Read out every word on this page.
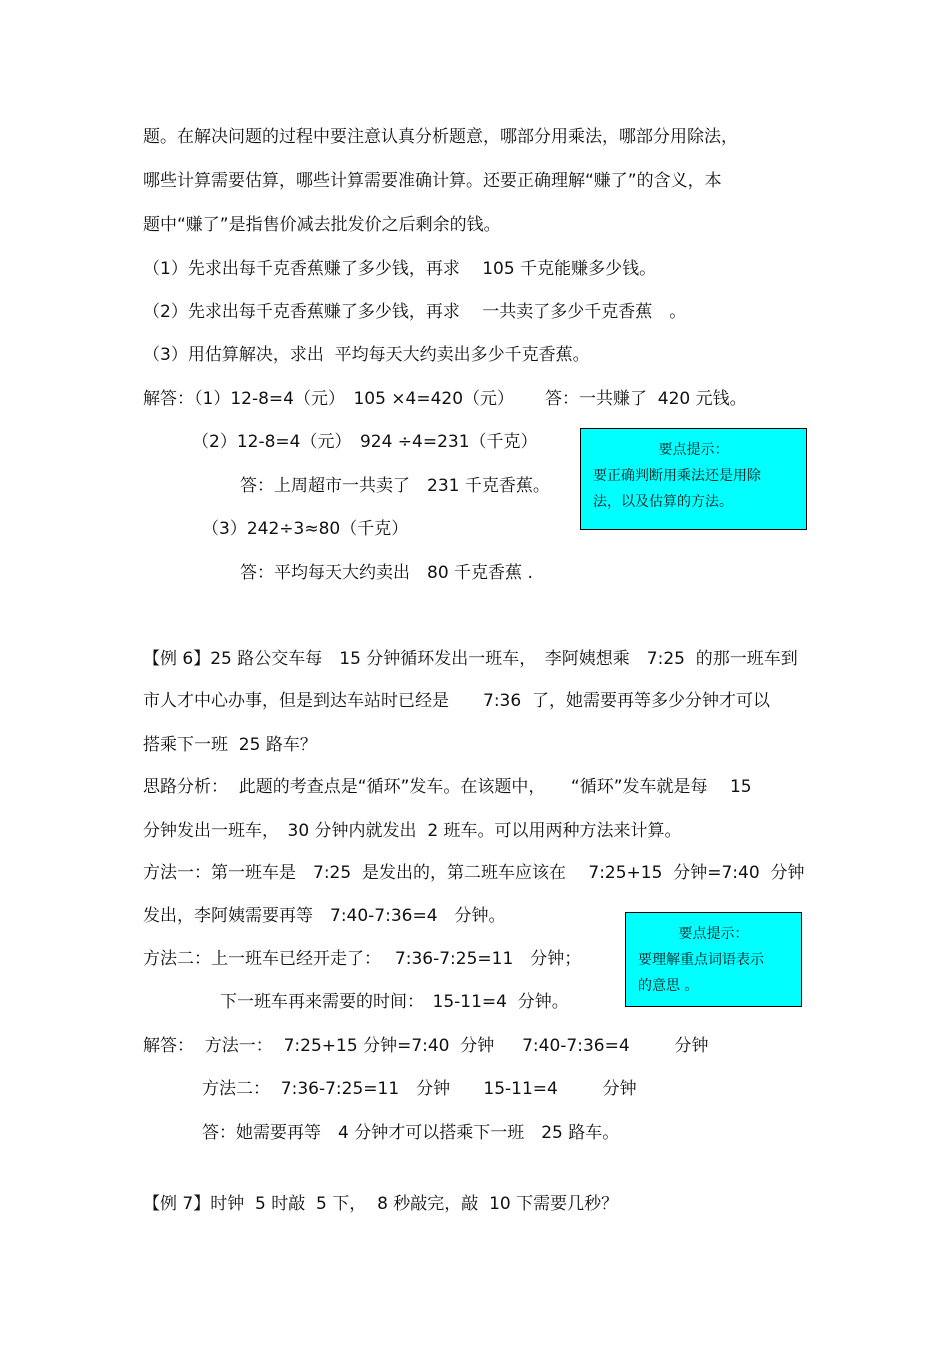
题。在解决问题的过程中要注意认真分析题意，哪部分用乘法，哪部分用除法，
哪些计算需要估算，哪些计算需要准确计算。还要正确理解“赚了”的含义，本
题中“赚了”是指售价减去批发价之后剩余的钱。
（1）先求出每千克香蕉赚了多少钱，再求　 105 千克能赚多少钱。
（2）先求出每千克香蕉赚了多少钱，再求　 一共卖了多少千克香蕉　。
（3）用估算解决，求出  平均每天大约卖出多少千克香蕉。
解答：（1）12-8=4（元）　105 ×4=420（元）　　 答：一共赚了  420 元钱。
（2）12-8=4（元）　924 ÷4=231（千克）
答：上周超市一共卖了　231 千克香蕉。
（3）242÷3≈80（千克）
答：平均每天大约卖出　80 千克香蕉 .
要点提示：
要正确判断用乘法还是用除
法，以及估算的方法。
【例 6】25 路公交车每　15 分钟循环发出一班车，　李阿姨想乘　7:25  的那一班车到
市人才中心办事，但是到达车站时已经是　　7:36  了，她需要再等多少分钟才可以
搭乘下一班  25 路车？
思路分析：  此题的考查点是“循环”发车。在该题中，　　“循环”发车就是每　 15
分钟发出一班车，　30 分钟内就发出  2 班车。可以用两种方法来计算。
方法一：第一班车是　7:25  是发出的，第二班车应该在　 7:25+15  分钟=7:40  分钟
发出，李阿姨需要再等　7:40-7:36=4　分钟。
方法二：上一班车已经开走了：　 7:36-7:25=11　分钟；
下一班车再来需要的时间：　15-11=4  分钟。
解答：  方法一：  7:25+15 分钟=7:40  分钟　  7:40-7:36=4　　  分钟
方法二：  7:36-7:25=11　分钟　   15-11=4　　  分钟
答：她需要再等　4 分钟才可以搭乘下一班　25 路车。
要点提示：
要理解重点词语表示
的意思 。
【例 7】时钟  5 时敲  5 下，  8 秒敲完，敲  10 下需要几秒？
